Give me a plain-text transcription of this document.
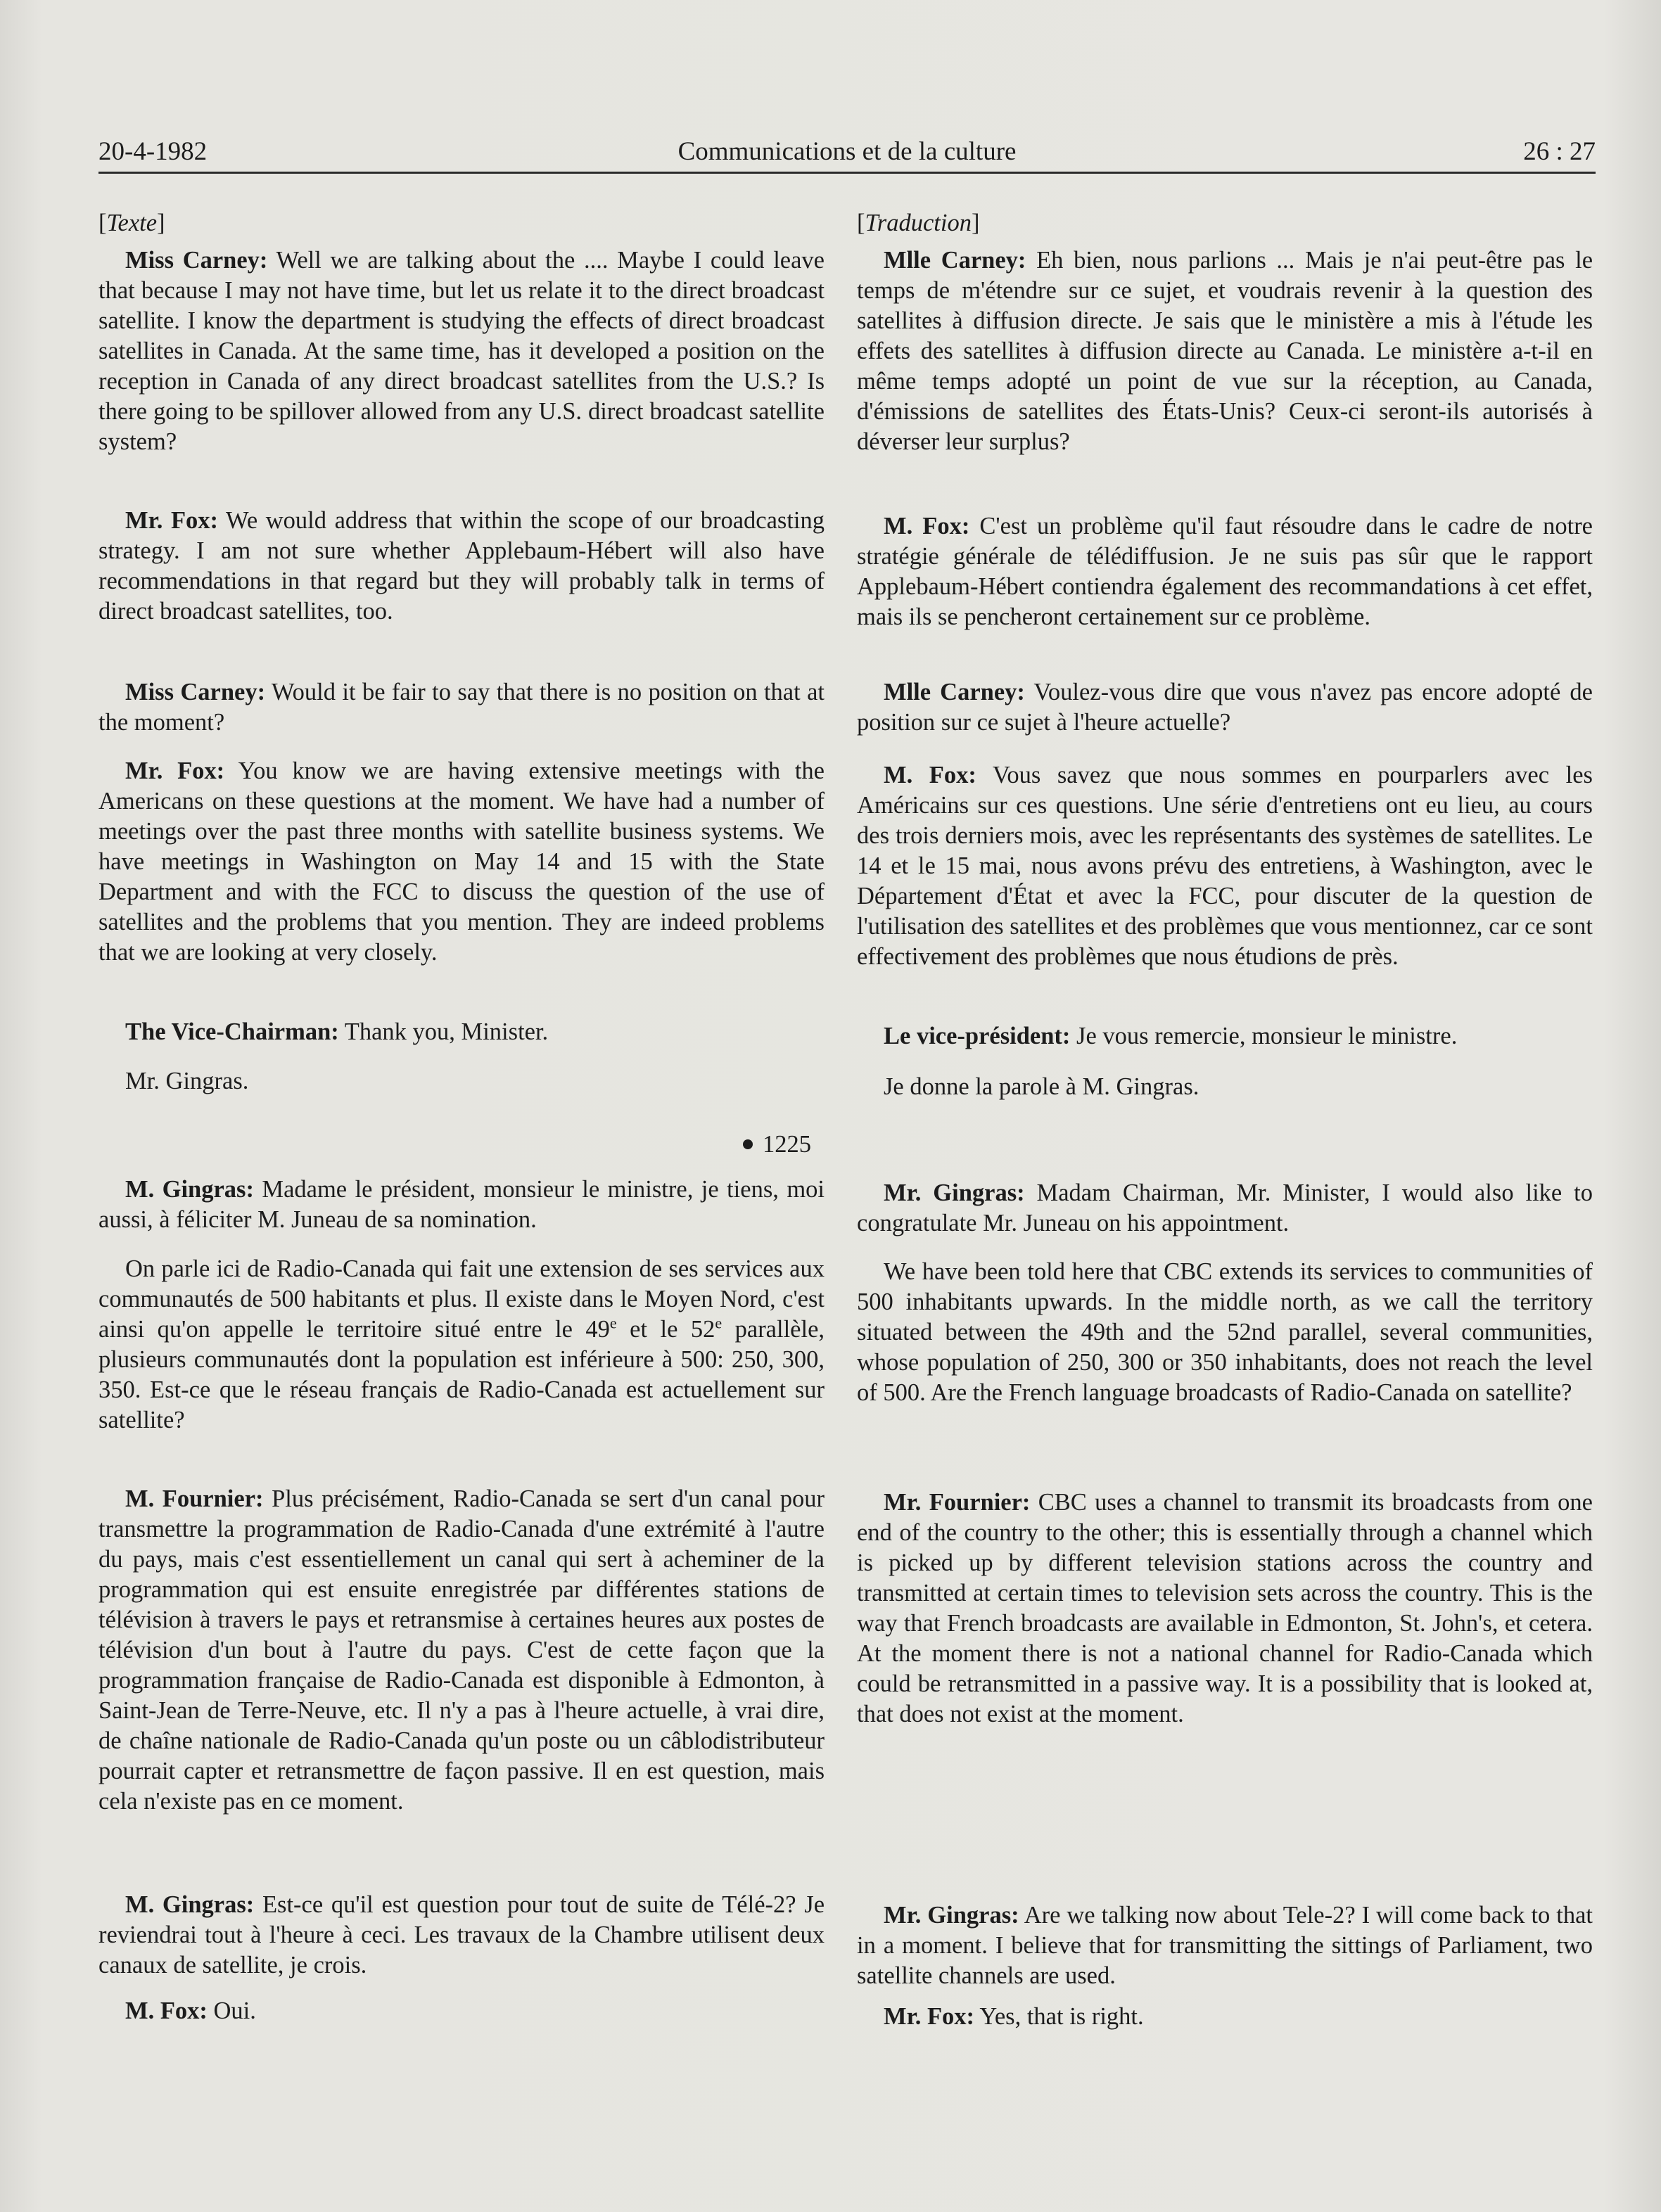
20-4-1982	Communications et de la culture	26 : 27
[Texte]
Miss Carney: Well we are talking about the .... Maybe I could leave that because I may not have time, but let us relate it to the direct broadcast satellite. I know the department is studying the effects of direct broadcast satellites in Canada. At the same time, has it developed a position on the reception in Canada of any direct broadcast satellites from the U.S.? Is there going to be spillover allowed from any U.S. direct broadcast satellite system?
Mr. Fox: We would address that within the scope of our broadcasting strategy. I am not sure whether Applebaum-Hébert will also have recommendations in that regard but they will probably talk in terms of direct broadcast satellites, too.
Miss Carney: Would it be fair to say that there is no position on that at the moment?
Mr. Fox: You know we are having extensive meetings with the Americans on these questions at the moment. We have had a number of meetings over the past three months with satellite business systems. We have meetings in Washington on May 14 and 15 with the State Department and with the FCC to discuss the question of the use of satellites and the problems that you mention. They are indeed problems that we are looking at very closely.
The Vice-Chairman: Thank you, Minister.
Mr. Gingras.
1225
M. Gingras: Madame le président, monsieur le ministre, je tiens, moi aussi, à féliciter M. Juneau de sa nomination.
On parle ici de Radio-Canada qui fait une extension de ses services aux communautés de 500 habitants et plus. Il existe dans le Moyen Nord, c'est ainsi qu'on appelle le territoire situé entre le 49e et le 52e parallèle, plusieurs communautés dont la population est inférieure à 500: 250, 300, 350. Est-ce que le réseau français de Radio-Canada est actuellement sur satellite?
M. Fournier: Plus précisément, Radio-Canada se sert d'un canal pour transmettre la programmation de Radio-Canada d'une extrémité à l'autre du pays, mais c'est essentiellement un canal qui sert à acheminer de la programmation qui est ensuite enregistrée par différentes stations de télévision à travers le pays et retransmise à certaines heures aux postes de télévision d'un bout à l'autre du pays. C'est de cette façon que la programmation française de Radio-Canada est disponible à Edmonton, à Saint-Jean de Terre-Neuve, etc. Il n'y a pas à l'heure actuelle, à vrai dire, de chaîne nationale de Radio-Canada qu'un poste ou un câblodistributeur pourrait capter et retransmettre de façon passive. Il en est question, mais cela n'existe pas en ce moment.
M. Gingras: Est-ce qu'il est question pour tout de suite de Télé-2? Je reviendrai tout à l'heure à ceci. Les travaux de la Chambre utilisent deux canaux de satellite, je crois.
M. Fox: Oui.
[Traduction]
Mlle Carney: Eh bien, nous parlions ... Mais je n'ai peut-être pas le temps de m'étendre sur ce sujet, et voudrais revenir à la question des satellites à diffusion directe. Je sais que le ministère a mis à l'étude les effets des satellites à diffusion directe au Canada. Le ministère a-t-il en même temps adopté un point de vue sur la réception, au Canada, d'émissions de satellites des États-Unis? Ceux-ci seront-ils autorisés à déverser leur surplus?
M. Fox: C'est un problème qu'il faut résoudre dans le cadre de notre stratégie générale de télédiffusion. Je ne suis pas sûr que le rapport Applebaum-Hébert contiendra également des recommandations à cet effet, mais ils se pencheront certainement sur ce problème.
Mlle Carney: Voulez-vous dire que vous n'avez pas encore adopté de position sur ce sujet à l'heure actuelle?
M. Fox: Vous savez que nous sommes en pourparlers avec les Américains sur ces questions. Une série d'entretiens ont eu lieu, au cours des trois derniers mois, avec les représentants des systèmes de satellites. Le 14 et le 15 mai, nous avons prévu des entretiens, à Washington, avec le Département d'État et avec la FCC, pour discuter de la question de l'utilisation des satellites et des problèmes que vous mentionnez, car ce sont effectivement des problèmes que nous étudions de près.
Le vice-président: Je vous remercie, monsieur le ministre.
Je donne la parole à M. Gingras.
Mr. Gingras: Madam Chairman, Mr. Minister, I would also like to congratulate Mr. Juneau on his appointment.
We have been told here that CBC extends its services to communities of 500 inhabitants upwards. In the middle north, as we call the territory situated between the 49th and the 52nd parallel, several communities, whose population of 250, 300 or 350 inhabitants, does not reach the level of 500. Are the French language broadcasts of Radio-Canada on satellite?
Mr. Fournier: CBC uses a channel to transmit its broadcasts from one end of the country to the other; this is essentially through a channel which is picked up by different television stations across the country and transmitted at certain times to television sets across the country. This is the way that French broadcasts are available in Edmonton, St. John's, et cetera. At the moment there is not a national channel for Radio-Canada which could be retransmitted in a passive way. It is a possibility that is looked at, that does not exist at the moment.
Mr. Gingras: Are we talking now about Tele-2? I will come back to that in a moment. I believe that for transmitting the sittings of Parliament, two satellite channels are used.
Mr. Fox: Yes, that is right.
